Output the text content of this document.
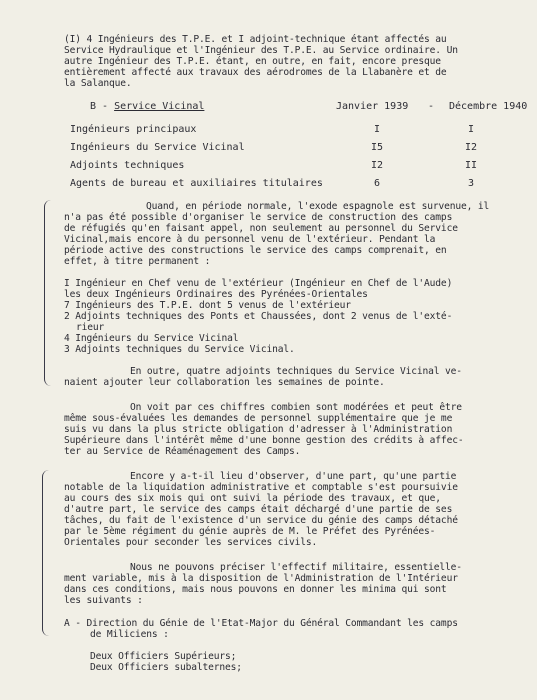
(I) 4 Ingénieurs des T.P.E. et I adjoint-technique étant affectés au
Service Hydraulique et l'Ingénieur des T.P.E. au Service ordinaire. Un
autre Ingénieur des T.P.E. étant, en outre, en fait, encore presque
entièrement affecté aux travaux des aérodromes de la Llabanère et de
la Salanque.
B - Service Vicinal	Janvier 1939 - Décembre 1940
Ingénieurs principaux	I	I
Ingénieurs du Service Vicinal	I5	I2
Adjoints techniques	I2	II
Agents de bureau et auxiliaires titulaires	6	3
Quand, en période normale, l'exode espagnole est survenue, il
n'a pas été possible d'organiser le service de construction des camps
de réfugiés qu'en faisant appel, non seulement au personnel du Service
Vicinal,mais encore à du personnel venu de l'extérieur. Pendant la
période active des constructions le service des camps comprenait, en
effet, à titre permanent :
I Ingénieur en Chef venu de l'extérieur (Ingénieur en Chef de l'Aude)
les deux Ingénieurs Ordinaires des Pyrénées-Orientales
7 Ingénieurs des T.P.E. dont 5 venus de l'extérieur
2 Adjoints techniques des Ponts et Chaussées, dont 2 venus de l'exté-
rieur
4 Ingénieurs du Service Vicinal
3 Adjoints techniques du Service Vicinal.
En outre, quatre adjoints techniques du Service Vicinal ve-
naient ajouter leur collaboration les semaines de pointe.
On voit par ces chiffres combien sont modérées et peut être
même sous-évaluées les demandes de personnel supplémentaire que je me
suis vu dans la plus stricte obligation d'adresser à l'Administration
Supérieure dans l'intérêt même d'une bonne gestion des crédits à affec-
ter au Service de Réaménagement des Camps.
Encore y a-t-il lieu d'observer, d'une part, qu'une partie
notable de la liquidation administrative et comptable s'est poursuivie
au cours des six mois qui ont suivi la période des travaux, et que,
d'autre part, le service des camps était déchargé d'une partie de ses
tâches, du fait de l'existence d'un service du génie des camps détaché
par le 5ème régiment du génie auprès de M. le Préfet des Pyrénées-
Orientales pour seconder les services civils.
Nous ne pouvons préciser l'effectif militaire, essentielle-
ment variable, mis à la disposition de l'Administration de l'Intérieur
dans ces conditions, mais nous pouvons en donner les minima qui sont
les suivants :
A - Direction du Génie de l'Etat-Major du Général Commandant les camps
de Miliciens :
Deux Officiers Supérieurs;
Deux Officiers subalternes;
